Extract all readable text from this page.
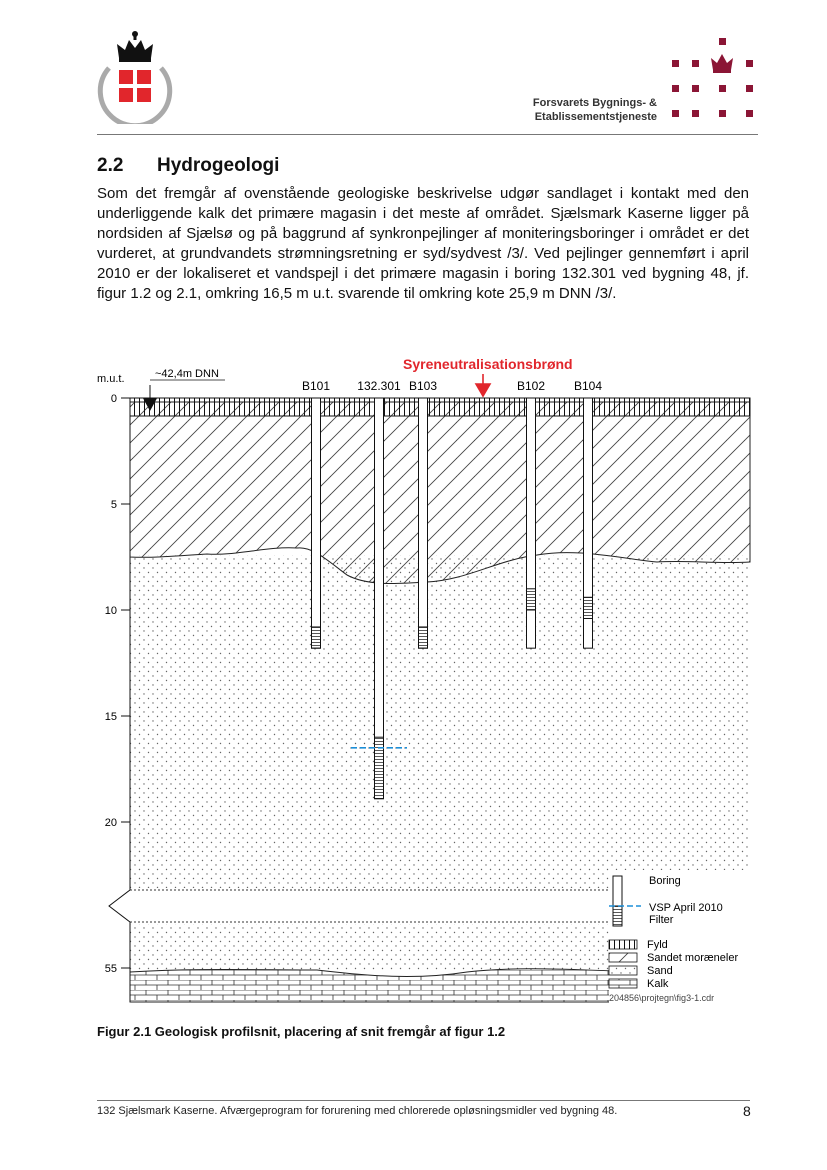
Forsvarets Bygnings- &
Etablissementstjeneste
2.2 Hydrogeologi
Som det fremgår af ovenstående geologiske beskrivelse udgør sandlaget i kontakt med den underliggende kalk det primære magasin i det meste af området. Sjælsmark Kaserne ligger på nordsiden af Sjælsø og på baggrund af synkronpejlinger af moniteringsboringer i området er det vurderet, at grundvandets strømningsretning er syd/sydvest /3/. Ved pejlinger gennemført i april 2010 er der lokaliseret et vandspejl i det primære magasin i boring 132.301 ved bygning 48, jf. figur 1.2 og 2.1, omkring 16,5 m u.t. svarende til omkring kote 25,9 m DNN /3/.
m.u.t.
0
5
10
15
20
55
~42,4m DNN
Syreneutralisationsbrønd
B101 132.301 B103	B102 B104
Boring
VSP April 2010
Filter
Fyld
Sandet moræneler
Sand
Kalk
204856\projtegn\fig3-1.cdr
Figur 2.1 Geologisk profilsnit, placering af snit fremgår af figur 1.2
132 Sjælsmark Kaserne. Afværgeprogram for forurening med chlorerede opløsningsmidler ved bygning 48.	8
